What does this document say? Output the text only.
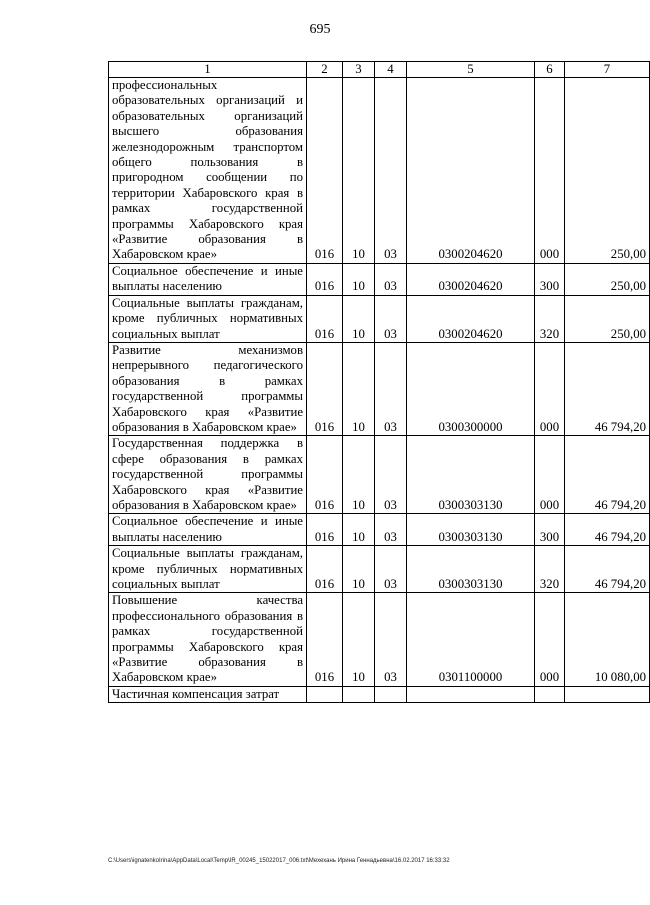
695
1	2	3	4	5	6	7
профессиональных образовательных организаций и образовательных организаций высшего образования железнодорожным транспортом общего пользования в пригородном сообщении по территории Хабаровского края в рамках государственной программы Хабаровского края «Развитие образования в Хабаровском крае»	016	10	03	0300204620	000	250,00
Социальное обеспечение и иные выплаты населению	016	10	03	0300204620	300	250,00
Социальные выплаты гражданам, кроме публичных нормативных социальных выплат	016	10	03	0300204620	320	250,00
Развитие механизмов непрерывного педагогического образования в рамках государственной программы Хабаровского края «Развитие образования в Хабаровском крае»	016	10	03	0300300000	000	46 794,20
Государственная поддержка в сфере образования в рамках государственной программы Хабаровского края «Развитие образования в Хабаровском крае»	016	10	03	0300303130	000	46 794,20
Социальное обеспечение и иные выплаты населению	016	10	03	0300303130	300	46 794,20
Социальные выплаты гражданам, кроме публичных нормативных социальных выплат	016	10	03	0300303130	320	46 794,20
Повышение качества профессионального образования в рамках государственной программы Хабаровского края «Развитие образования в Хабаровском крае»	016	10	03	0301100000	000	10 080,00
Частичная компенсация затрат						
C:\Users\ignatenkoIrina\AppData\Local\Temp\IR_00245_15022017_006.txt\Мехехань Ирина Геннадьевна\16.02.2017 16:33:32
